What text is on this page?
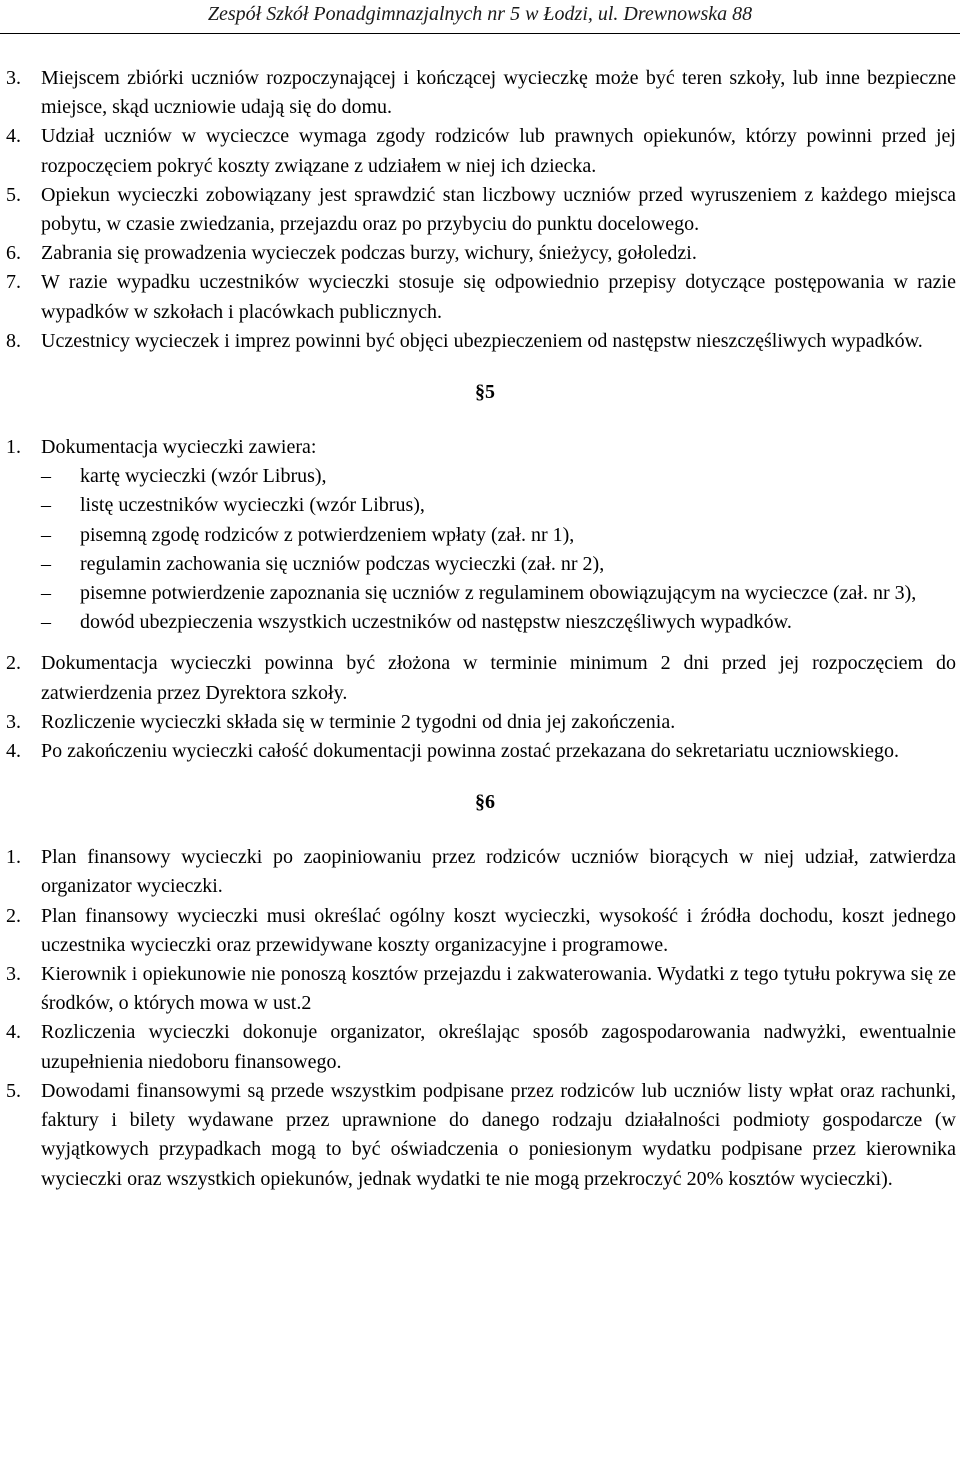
Zespół Szkół Ponadgimnazjalnych nr 5 w Łodzi, ul. Drewnowska 88
3.	Miejscem zbiórki uczniów rozpoczynającej i kończącej wycieczkę może być teren szkoły, lub inne bezpieczne miejsce, skąd uczniowie udają się do domu.
4.	Udział uczniów w wycieczce wymaga zgody rodziców lub prawnych opiekunów, którzy powinni przed jej rozpoczęciem pokryć koszty związane z udziałem w niej ich dziecka.
5.	Opiekun wycieczki zobowiązany jest sprawdzić stan liczbowy uczniów przed wyruszeniem z każdego miejsca pobytu, w czasie zwiedzania, przejazdu oraz po przybyciu do punktu docelowego.
6.	Zabrania się prowadzenia wycieczek podczas burzy, wichury, śnieżycy, gołoledzi.
7.	W razie wypadku uczestników wycieczki stosuje się odpowiednio przepisy dotyczące postępowania w razie wypadków w szkołach i placówkach publicznych.
8.	Uczestnicy wycieczek i imprez powinni być objęci ubezpieczeniem od następstw nieszczęśliwych wypadków.
§5
1.	Dokumentacja wycieczki zawiera:
–	kartę wycieczki (wzór Librus),
–	listę uczestników wycieczki (wzór Librus),
–	pisemną zgodę rodziców z potwierdzeniem wpłaty (zał. nr 1),
–	regulamin zachowania się uczniów podczas wycieczki (zał. nr 2),
–	pisemne potwierdzenie zapoznania się uczniów z regulaminem obowiązującym na wycieczce (zał. nr 3),
–	dowód ubezpieczenia wszystkich uczestników od następstw nieszczęśliwych wypadków.
2.	Dokumentacja wycieczki powinna być złożona w terminie minimum 2 dni przed jej rozpoczęciem do zatwierdzenia przez Dyrektora szkoły.
3.	Rozliczenie wycieczki składa się w terminie 2 tygodni od dnia jej zakończenia.
4.	Po zakończeniu wycieczki całość dokumentacji powinna zostać przekazana do sekretariatu uczniowskiego.
§6
1.	Plan finansowy wycieczki po zaopiniowaniu przez rodziców uczniów biorących w niej udział, zatwierdza organizator wycieczki.
2.	Plan finansowy wycieczki musi określać ogólny koszt wycieczki, wysokość i źródła dochodu, koszt jednego uczestnika wycieczki oraz przewidywane koszty organizacyjne i programowe.
3.	Kierownik i opiekunowie nie ponoszą kosztów przejazdu i zakwaterowania. Wydatki z tego tytułu pokrywa się ze środków, o których mowa w ust.2
4.	Rozliczenia wycieczki dokonuje organizator, określając sposób zagospodarowania nadwyżki, ewentualnie uzupełnienia niedoboru finansowego.
5.	Dowodami finansowymi są przede wszystkim podpisane przez rodziców lub uczniów listy wpłat oraz rachunki, faktury i bilety wydawane przez uprawnione do danego rodzaju działalności podmioty gospodarcze (w wyjątkowych przypadkach mogą to być oświadczenia o poniesionym wydatku podpisane przez kierownika wycieczki oraz wszystkich opiekunów, jednak wydatki te nie mogą przekroczyć 20% kosztów wycieczki).
